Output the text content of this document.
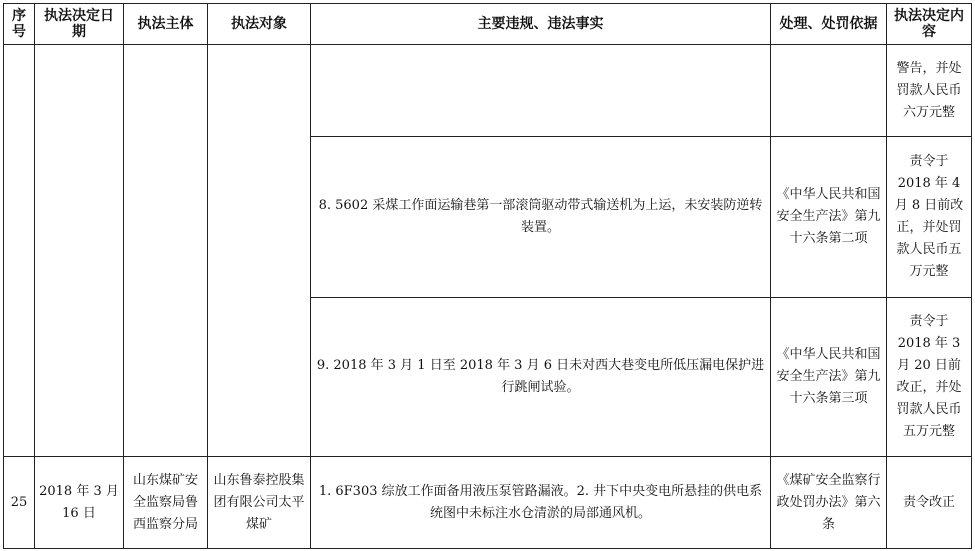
序号	执法决定日期	执法主体	执法对象	主要违规、违法事实	处理、处罚依据	执法决定内容
						警告，并处罚款人民币六万元整
				8. 5602 采煤工作面运输巷第一部滚筒驱动带式输送机为上运，未安装防逆转装置。	《中华人民共和国安全生产法》第九十六条第二项	责令于 2018 年 4 月 8 日前改正，并处罚款人民币五万元整
				9. 2018 年 3 月 1 日至 2018 年 3 月 6 日未对西大巷变电所低压漏电保护进行跳闸试验。	《中华人民共和国安全生产法》第九十六条第三项	责令于 2018 年 3 月 20 日前改正，并处罚款人民币五万元整
25	2018 年 3 月 16 日	山东煤矿安全监察局鲁西监察分局	山东鲁泰控股集团有限公司太平煤矿	1. 6F303 综放工作面备用液压泵管路漏液。2. 井下中央变电所悬挂的供电系统图中未标注水仓清淤的局部通风机。	《煤矿安全监察行政处罚办法》第六条	责令改正
